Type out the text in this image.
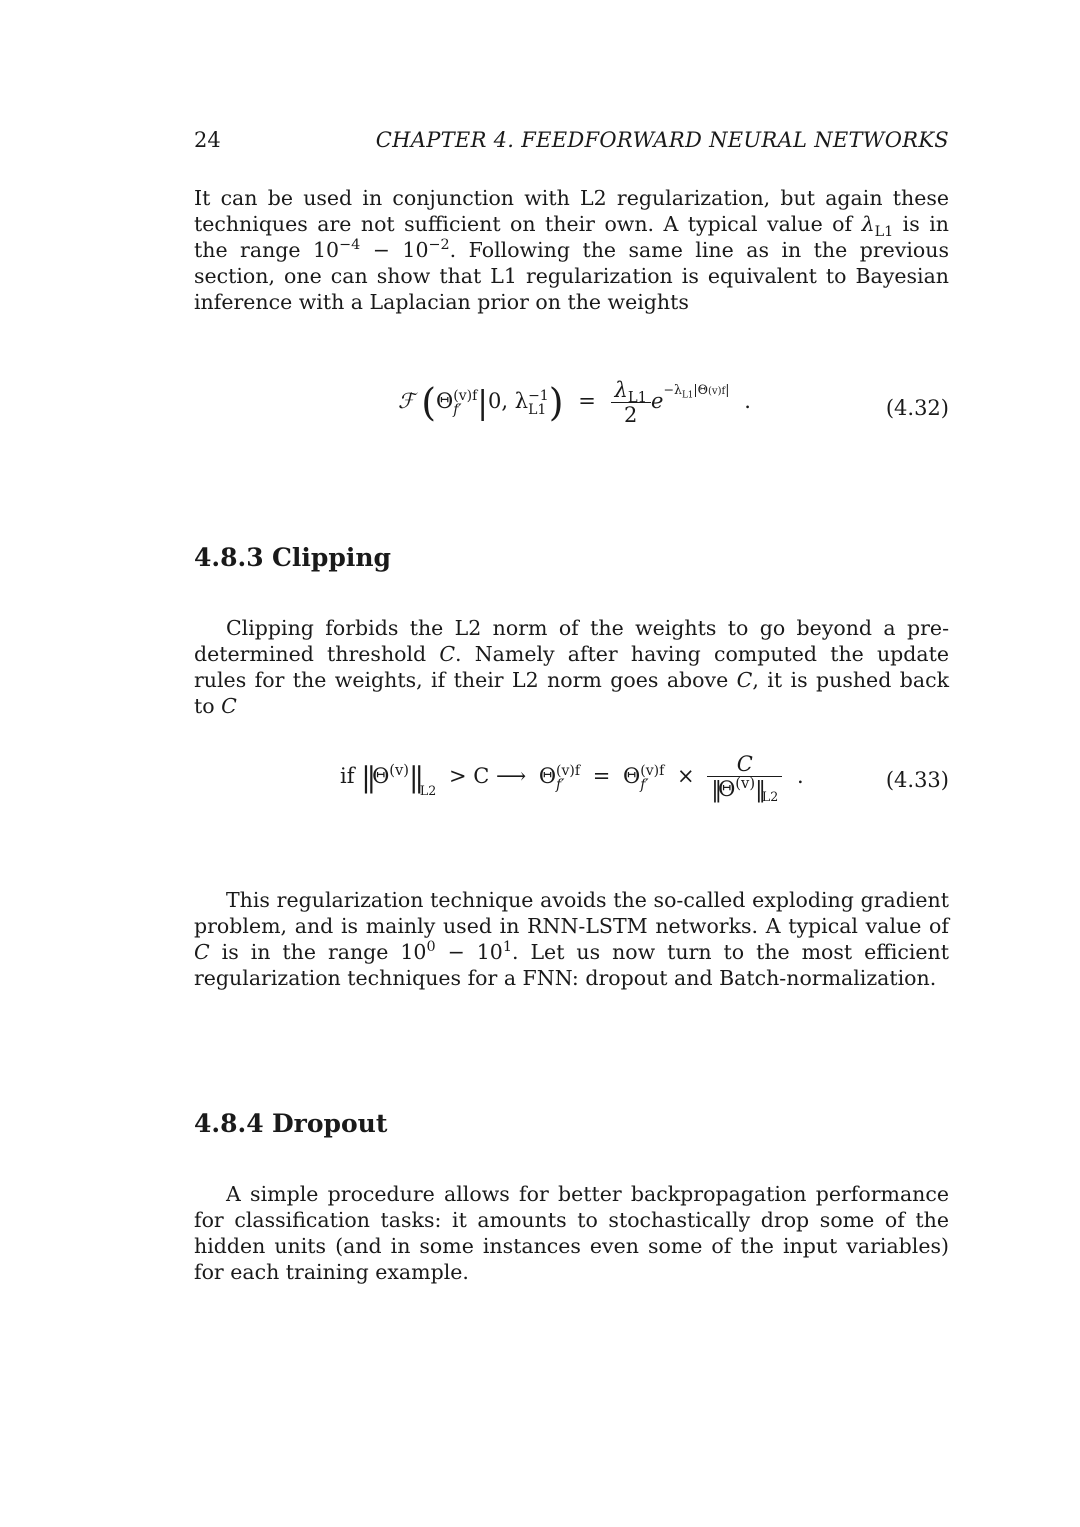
24	CHAPTER 4. FEEDFORWARD NEURAL NETWORKS
It can be used in conjunction with L2 regularization, but again these techniques are not sufficient on their own. A typical value of $\lambda_{L1}$ is in the range $10^{-4} - 10^{-2}$. Following the same line as in the previous section, one can show that L1 regularization is equivalent to Bayesian inference with a Laplacian prior on the weights
ℱ (Θ (v)f
f′ |0, λ −1
L1 ) = $\frac{\lambda_{L1}}{2} e^{-\lambda_{L1}|\Theta(v)f|}$ .	(4.32)
4.8.3 Clipping
Clipping forbids the L2 norm of the weights to go beyond a pre-determined threshold C. Namely after having computed the update rules for the weights, if their L2 norm goes above C, it is pushed back to C
if $||\Theta^{(v)}||_{L2} > C$ ⟶ Θ (v)f
f′	= Θ (v)f
f′	× $\frac{C}{||\Theta^{(v)}||_{L2}}$ .	(4.33)
This regularization technique avoids the so-called exploding gradient problem, and is mainly used in RNN-LSTM networks. A typical value of C is in the range $10^0 - 10^1$. Let us now turn to the most efficient regularization techniques for a FNN: dropout and Batch-normalization.
4.8.4 Dropout
A simple procedure allows for better backpropagation performance for classification tasks: it amounts to stochastically drop some of the hidden units (and in some instances even some of the input variables) for each training example.
